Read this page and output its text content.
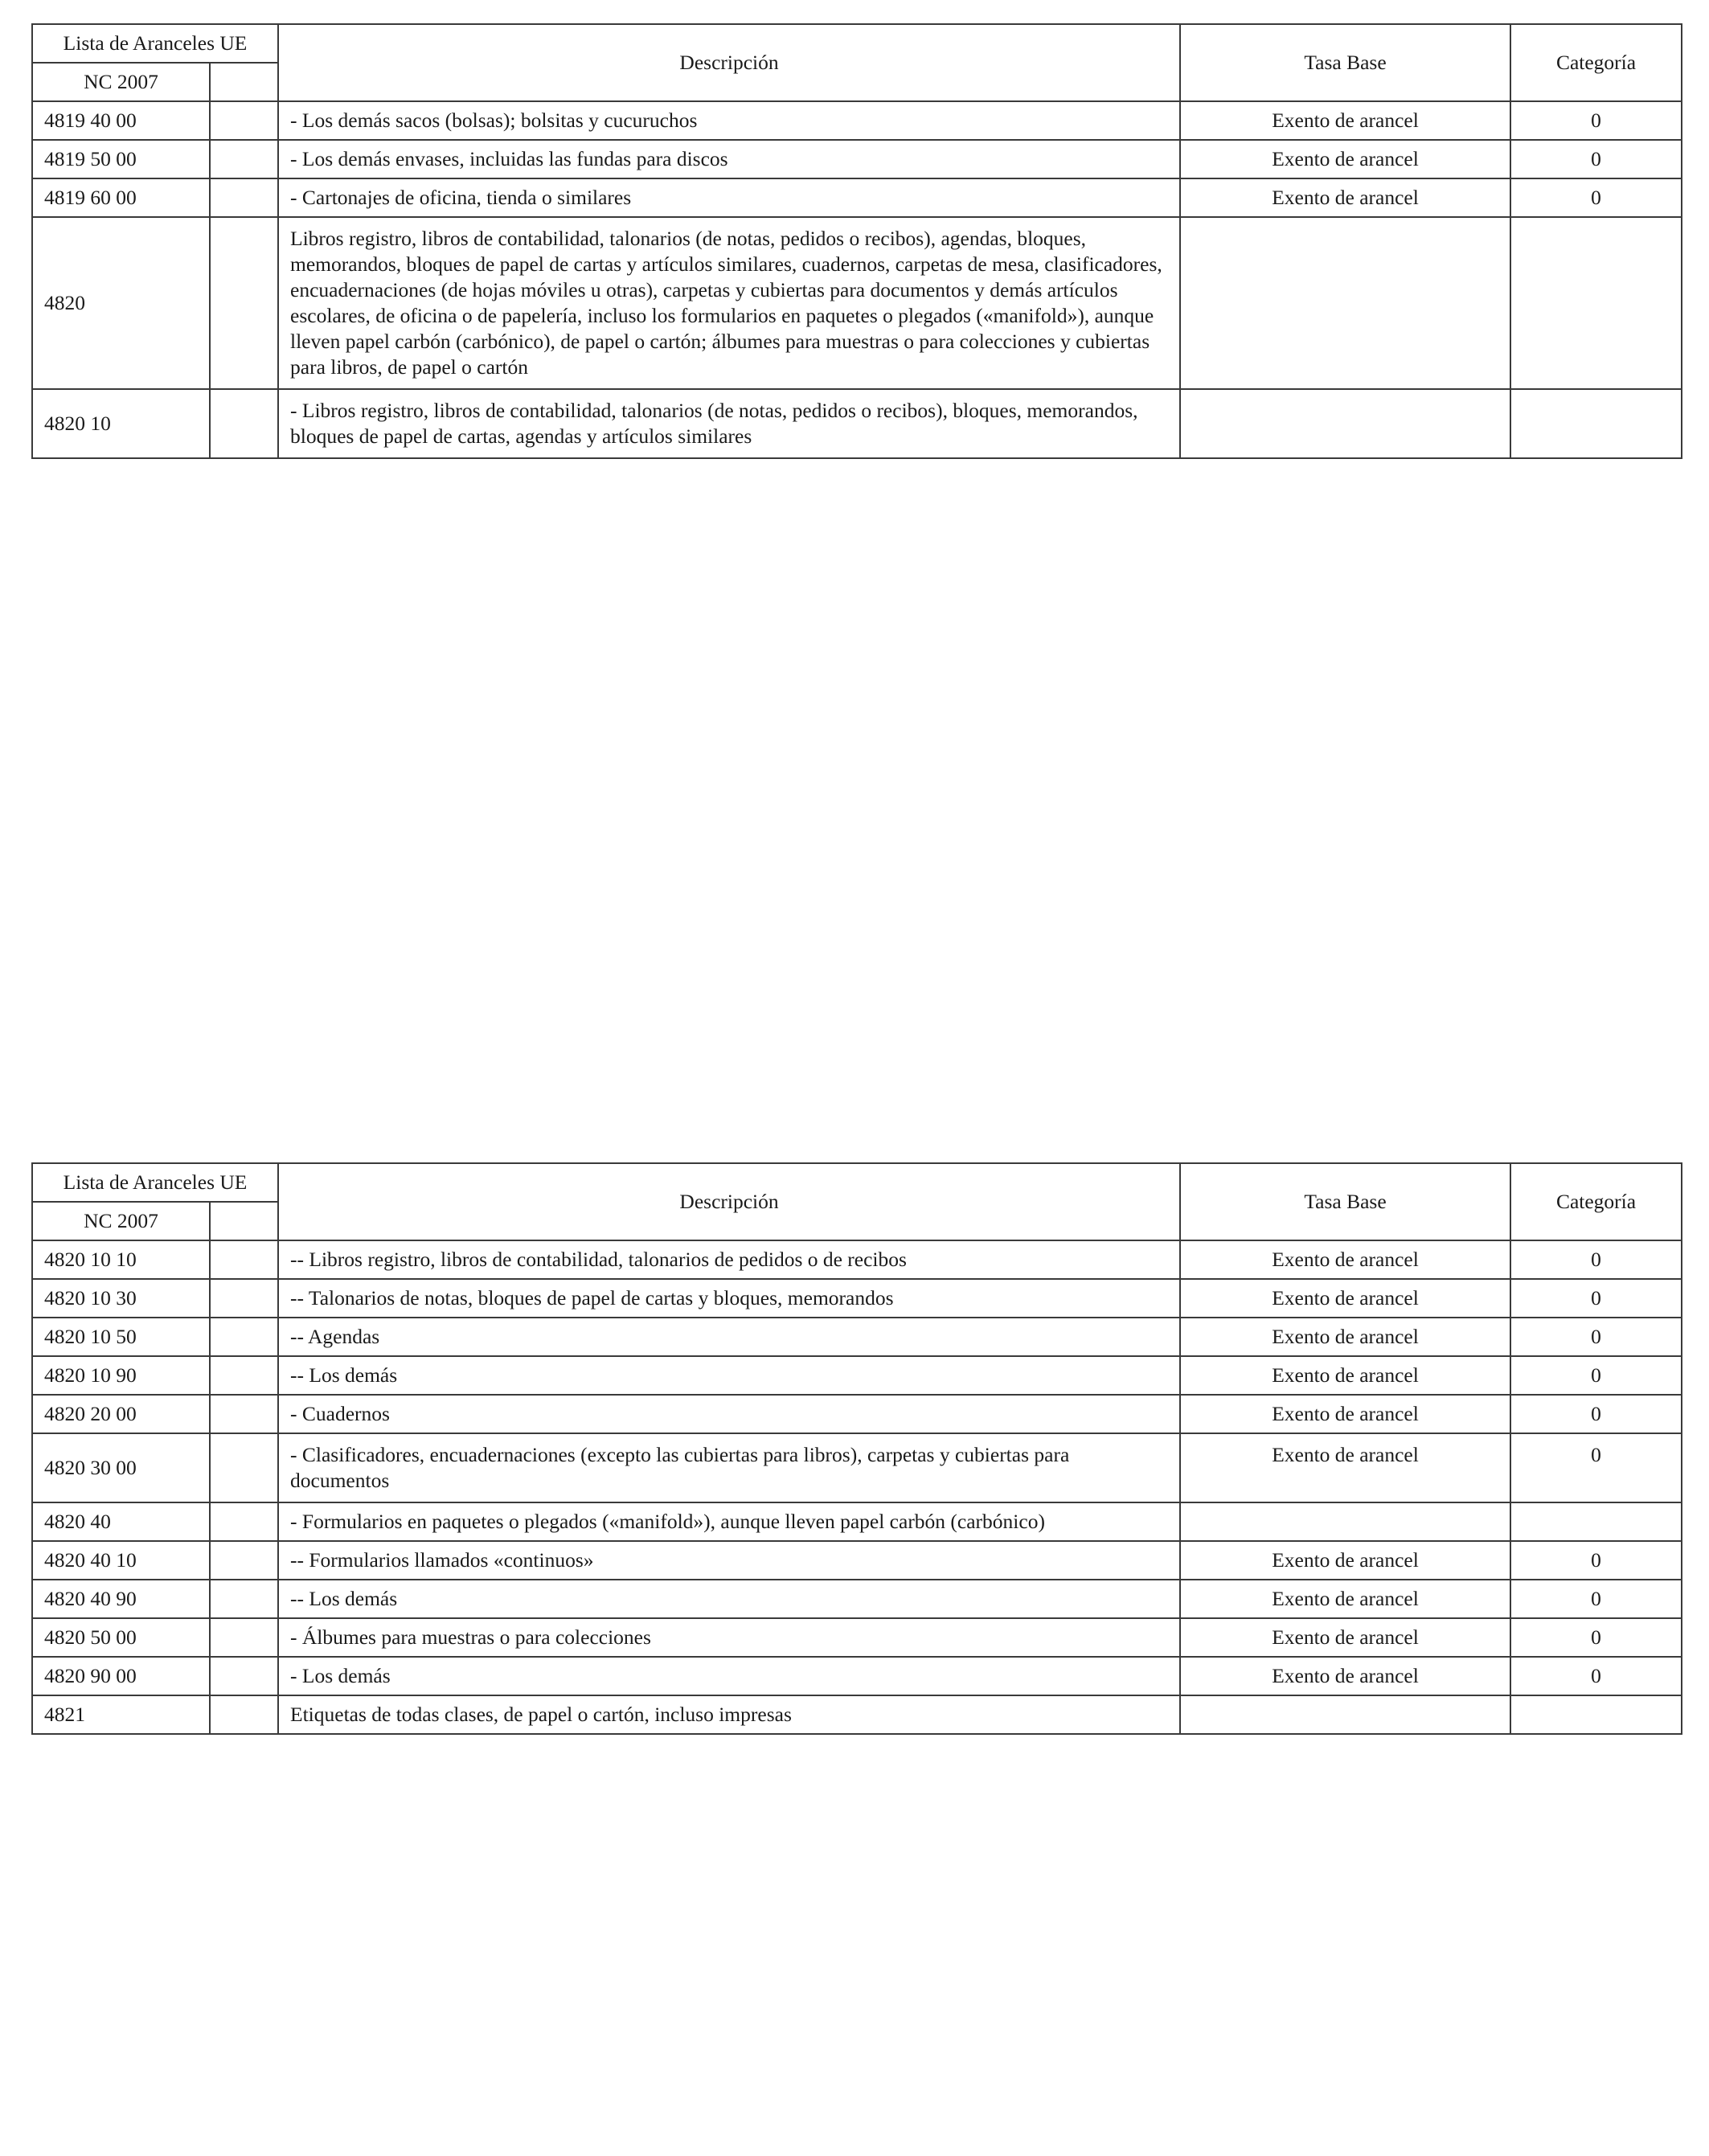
Lista de Aranceles UE		Descripción	Tasa Base	Categoría
NC 2007				
4819 40 00		- Los demás sacos (bolsas); bolsitas y cucuruchos	Exento de arancel	0
4819 50 00		- Los demás envases, incluidas las fundas para discos	Exento de arancel	0
4819 60 00		- Cartonajes de oficina, tienda o similares	Exento de arancel	0
4820		Libros registro, libros de contabilidad, talonarios (de notas, pedidos o recibos), agendas, bloques, memorandos, bloques de papel de cartas y artículos similares, cuadernos, carpetas de mesa, clasificadores, encuadernaciones (de hojas móviles u otras), carpetas y cubiertas para documentos y demás artículos escolares, de oficina o de papelería, incluso los formularios en paquetes o plegados («manifold»), aunque lleven papel carbón (carbónico), de papel o cartón; álbumes para muestras o para colecciones y cubiertas para libros, de papel o cartón		
4820 10		- Libros registro, libros de contabilidad, talonarios (de notas, pedidos o recibos), bloques, memorandos, bloques de papel de cartas, agendas y artículos similares		
Lista de Aranceles UE		Descripción	Tasa Base	Categoría
NC 2007				
4820 10 10		-- Libros registro, libros de contabilidad, talonarios de pedidos o de recibos	Exento de arancel	0
4820 10 30		-- Talonarios de notas, bloques de papel de cartas y bloques, memorandos	Exento de arancel	0
4820 10 50		-- Agendas	Exento de arancel	0
4820 10 90		-- Los demás	Exento de arancel	0
4820 20 00		- Cuadernos	Exento de arancel	0
4820 30 00		- Clasificadores, encuadernaciones (excepto las cubiertas para libros), carpetas y cubiertas para documentos	Exento de arancel	0
4820 40		- Formularios en paquetes o plegados («manifold»), aunque lleven papel carbón (carbónico)		
4820 40 10		-- Formularios llamados «continuos»	Exento de arancel	0
4820 40 90		-- Los demás	Exento de arancel	0
4820 50 00		- Álbumes para muestras o para colecciones	Exento de arancel	0
4820 90 00		- Los demás	Exento de arancel	0
4821		Etiquetas de todas clases, de papel o cartón, incluso impresas		
